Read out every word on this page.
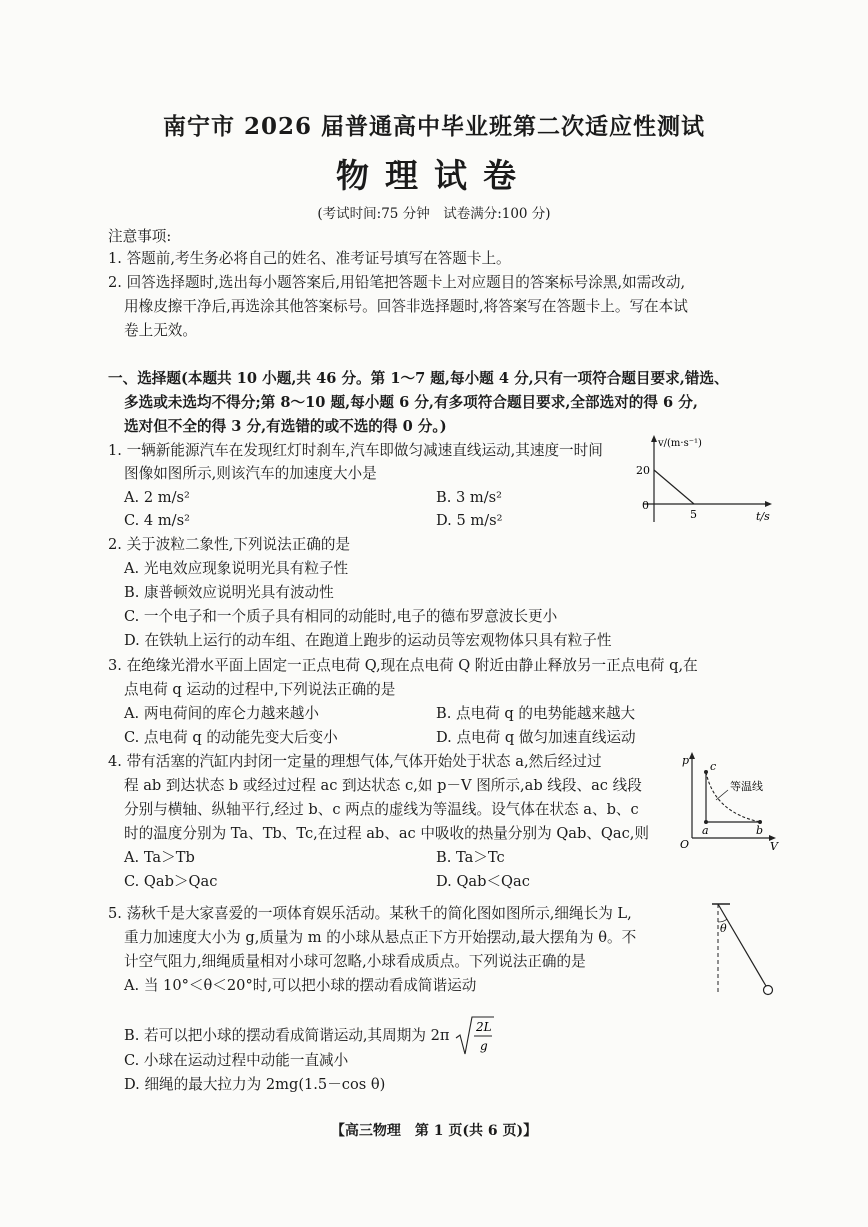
南宁市 2026 届普通高中毕业班第二次适应性测试
物理试卷
(考试时间:75 分钟　试卷满分:100 分)
注意事项:
1. 答题前,考生务必将自己的姓名、准考证号填写在答题卡上。
2. 回答选择题时,选出每小题答案后,用铅笔把答题卡上对应题目的答案标号涂黑,如需改动,
用橡皮擦干净后,再选涂其他答案标号。回答非选择题时,将答案写在答题卡上。写在本试
卷上无效。
一、选择题(本题共 10 小题,共 46 分。第 1～7 题,每小题 4 分,只有一项符合题目要求,错选、
多选或未选均不得分;第 8～10 题,每小题 6 分,有多项符合题目要求,全部选对的得 6 分,
选对但不全的得 3 分,有选错的或不选的得 0 分。)
1. 一辆新能源汽车在发现红灯时刹车,汽车即做匀减速直线运动,其速度一时间
图像如图所示,则该汽车的加速度大小是
A. 2 m/s²	B. 3 m/s²
C. 4 m/s²	D. 5 m/s²
v/(m·s⁻¹)
20
0
5	t/s
2. 关于波粒二象性,下列说法正确的是
A. 光电效应现象说明光具有粒子性
B. 康普顿效应说明光具有波动性
C. 一个电子和一个质子具有相同的动能时,电子的德布罗意波长更小
D. 在铁轨上运行的动车组、在跑道上跑步的运动员等宏观物体只具有粒子性
3. 在绝缘光滑水平面上固定一正点电荷 Q,现在点电荷 Q 附近由静止释放另一正点电荷 q,在
点电荷 q 运动的过程中,下列说法正确的是
A. 两电荷间的库仑力越来越小	B. 点电荷 q 的电势能越来越大
C. 点电荷 q 的动能先变大后变小	D. 点电荷 q 做匀加速直线运动
4. 带有活塞的汽缸内封闭一定量的理想气体,气体开始处于状态 a,然后经过过
程 ab 到达状态 b 或经过过程 ac 到达状态 c,如 p－V 图所示,ab 线段、ac 线段
分别与横轴、纵轴平行,经过 b、c 两点的虚线为等温线。设气体在状态 a、b、c
时的温度分别为 Ta、Tb、Tc,在过程 ab、ac 中吸收的热量分别为 Qab、Qac,则
A. Ta＞Tb	B. Ta＞Tc
C. Qab＞Qac	D. Qab＜Qac
p c
a	b
等温线
O	V
5. 荡秋千是大家喜爱的一项体育娱乐活动。某秋千的简化图如图所示,细绳长为 L,
重力加速度大小为 g,质量为 m 的小球从悬点正下方开始摆动,最大摆角为 θ。不
计空气阻力,细绳质量相对小球可忽略,小球看成质点。下列说法正确的是
A. 当 10°＜θ＜20°时,可以把小球的摆动看成简谐运动
B. 若可以把小球的摆动看成简谐运动,其周期为 2π 2L
g
C. 小球在运动过程中动能一直减小
D. 细绳的最大拉力为 2mg(1.5－cos θ)
θ
【高三物理　第 1 页(共 6 页)】
